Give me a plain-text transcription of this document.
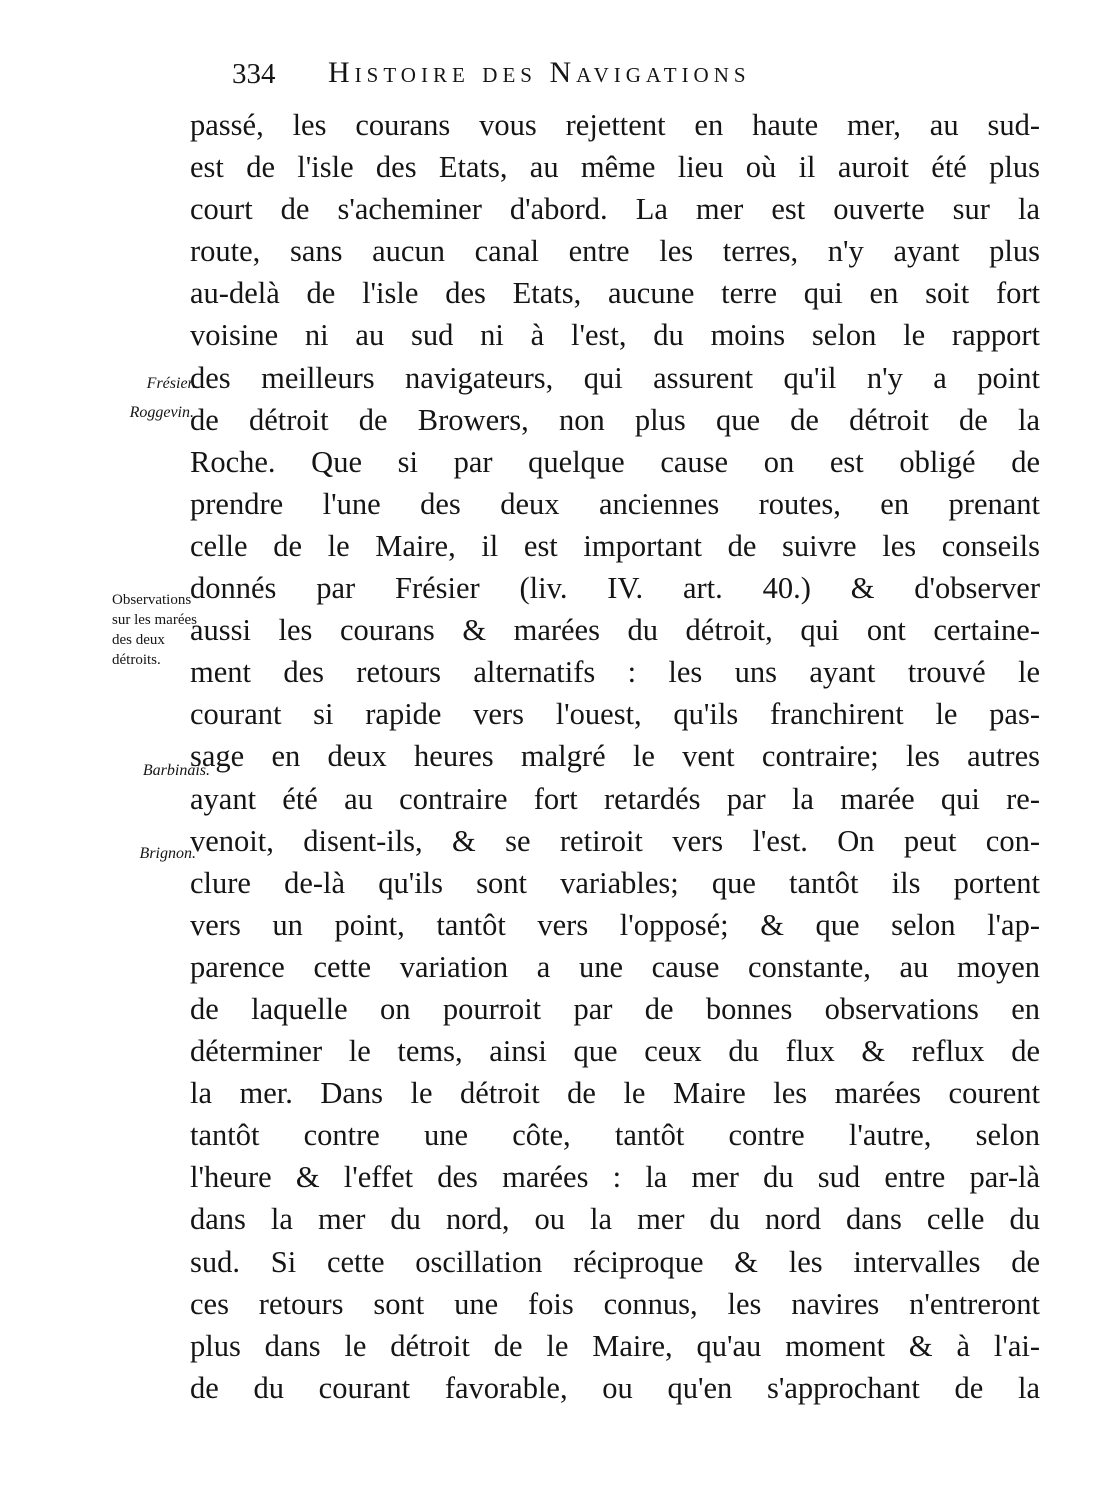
334 Histoire des Navigations
Frésier.
Roggevin.
Observations sur les marées des deux détroits.
Barbinais.
Brignon.
passé, les courans vous rejettent en haute mer, au sud-
est de l'isle des Etats, au même lieu où il auroit été plus
court de s'acheminer d'abord. La mer est ouverte sur la
route, sans aucun canal entre les terres, n'y ayant plus
au-delà de l'isle des Etats, aucune terre qui en soit fort
voisine ni au sud ni à l'est, du moins selon le rapport
des meilleurs navigateurs, qui assurent qu'il n'y a point
de détroit de Browers, non plus que de détroit de la
Roche. Que si par quelque cause on est obligé de
prendre l'une des deux anciennes routes, en prenant
celle de le Maire, il est important de suivre les conseils
donnés par Frésier (liv. IV. art. 40.) & d'observer
aussi les courans & marées du détroit, qui ont certaine-
ment des retours alternatifs : les uns ayant trouvé le
courant si rapide vers l'ouest, qu'ils franchirent le pas-
sage en deux heures malgré le vent contraire; les autres
ayant été au contraire fort retardés par la marée qui re-
venoit, disent-ils, & se retiroit vers l'est. On peut con-
clure de-là qu'ils sont variables; que tantôt ils portent
vers un point, tantôt vers l'opposé; & que selon l'ap-
parence cette variation a une cause constante, au moyen
de laquelle on pourroit par de bonnes observations en
déterminer le tems, ainsi que ceux du flux & reflux de
la mer. Dans le détroit de le Maire les marées courent
tantôt contre une côte, tantôt contre l'autre, selon
l'heure & l'effet des marées : la mer du sud entre par-là
dans la mer du nord, ou la mer du nord dans celle du
sud. Si cette oscillation réciproque & les intervalles de
ces retours sont une fois connus, les navires n'entreront
plus dans le détroit de le Maire, qu'au moment & à l'ai-
de du courant favorable, ou qu'en s'approchant de la
